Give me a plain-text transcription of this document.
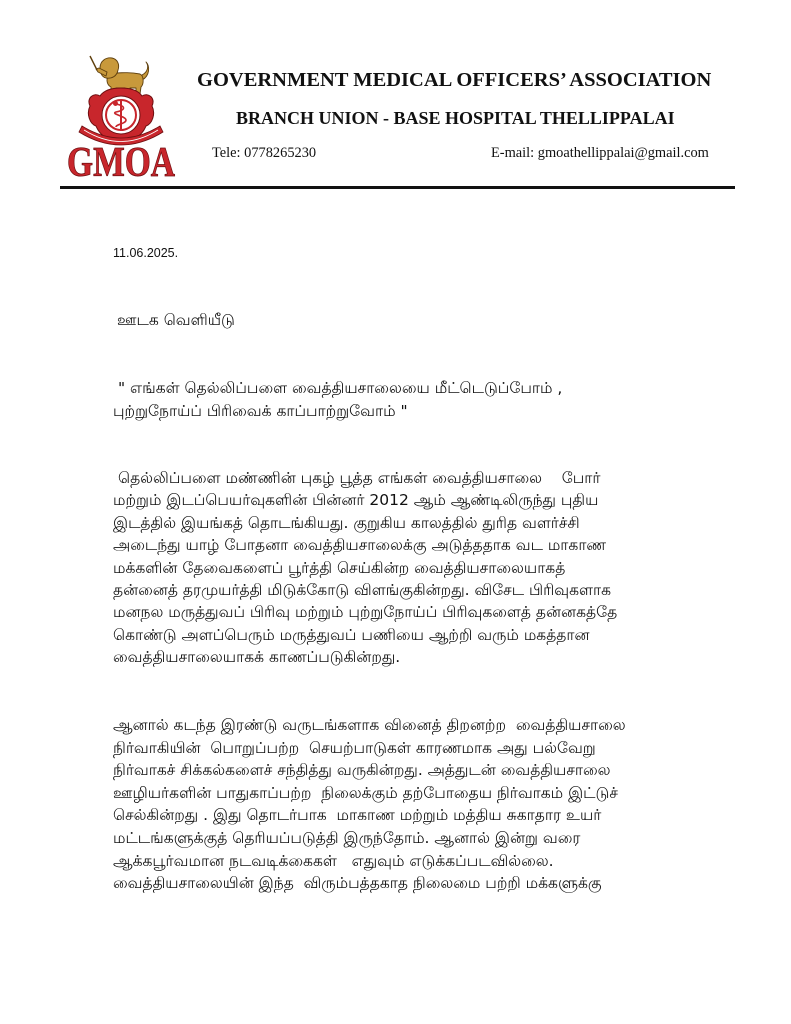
GMOA
GOVERNMENT MEDICAL OFFICERS’ ASSOCIATION
BRANCH UNION - BASE HOSPITAL THELLIPPALAI
Tele: 0778265230	E-mail: gmoathellippalai@gmail.com
11.06.2025.
ஊடக வெளியீடு
" எங்கள் தெல்லிப்பளை வைத்தியசாலையை மீட்டெடுப்போம் ,
புற்றுநோய்ப் பிரிவைக் காப்பாற்றுவோம் "
தெல்லிப்பளை மண்ணின் புகழ் பூத்த எங்கள் வைத்தியசாலை    போர்
மற்றும் இடப்பெயர்வுகளின் பின்னர் 2012 ஆம் ஆண்டிலிருந்து புதிய
இடத்தில் இயங்கத் தொடங்கியது. குறுகிய காலத்தில் துரித வளர்ச்சி
அடைந்து யாழ் போதனா வைத்தியசாலைக்கு அடுத்ததாக வட மாகாண
மக்களின் தேவைகளைப் பூர்த்தி செய்கின்ற வைத்தியசாலையாகத்
தன்னைத் தரமுயர்த்தி மிடுக்கோடு விளங்குகின்றது. விசேட பிரிவுகளாக
மனநல மருத்துவப் பிரிவு மற்றும் புற்றுநோய்ப் பிரிவுகளைத் தன்னகத்தே
கொண்டு அளப்பெரும் மருத்துவப் பணியை ஆற்றி வரும் மகத்தான
வைத்தியசாலையாகக் காணப்படுகின்றது.
ஆனால் கடந்த இரண்டு வருடங்களாக வினைத் திறனற்ற  வைத்தியசாலை
நிர்வாகியின்  பொறுப்பற்ற  செயற்பாடுகள் காரணமாக அது பல்வேறு
நிர்வாகச் சிக்கல்களைச் சந்தித்து வருகின்றது. அத்துடன் வைத்தியசாலை
ஊழியர்களின் பாதுகாப்பற்ற  நிலைக்கும் தற்போதைய நிர்வாகம் இட்டுச்
செல்கின்றது . இது தொடர்பாக  மாகாண மற்றும் மத்திய சுகாதார உயர்
மட்டங்களுக்குத் தெரியப்படுத்தி இருந்தோம். ஆனால் இன்று வரை
ஆக்கபூர்வமான நடவடிக்கைகள்   எதுவும் எடுக்கப்படவில்லை.
வைத்தியசாலையின் இந்த  விரும்பத்தகாத நிலைமை பற்றி மக்களுக்கு
